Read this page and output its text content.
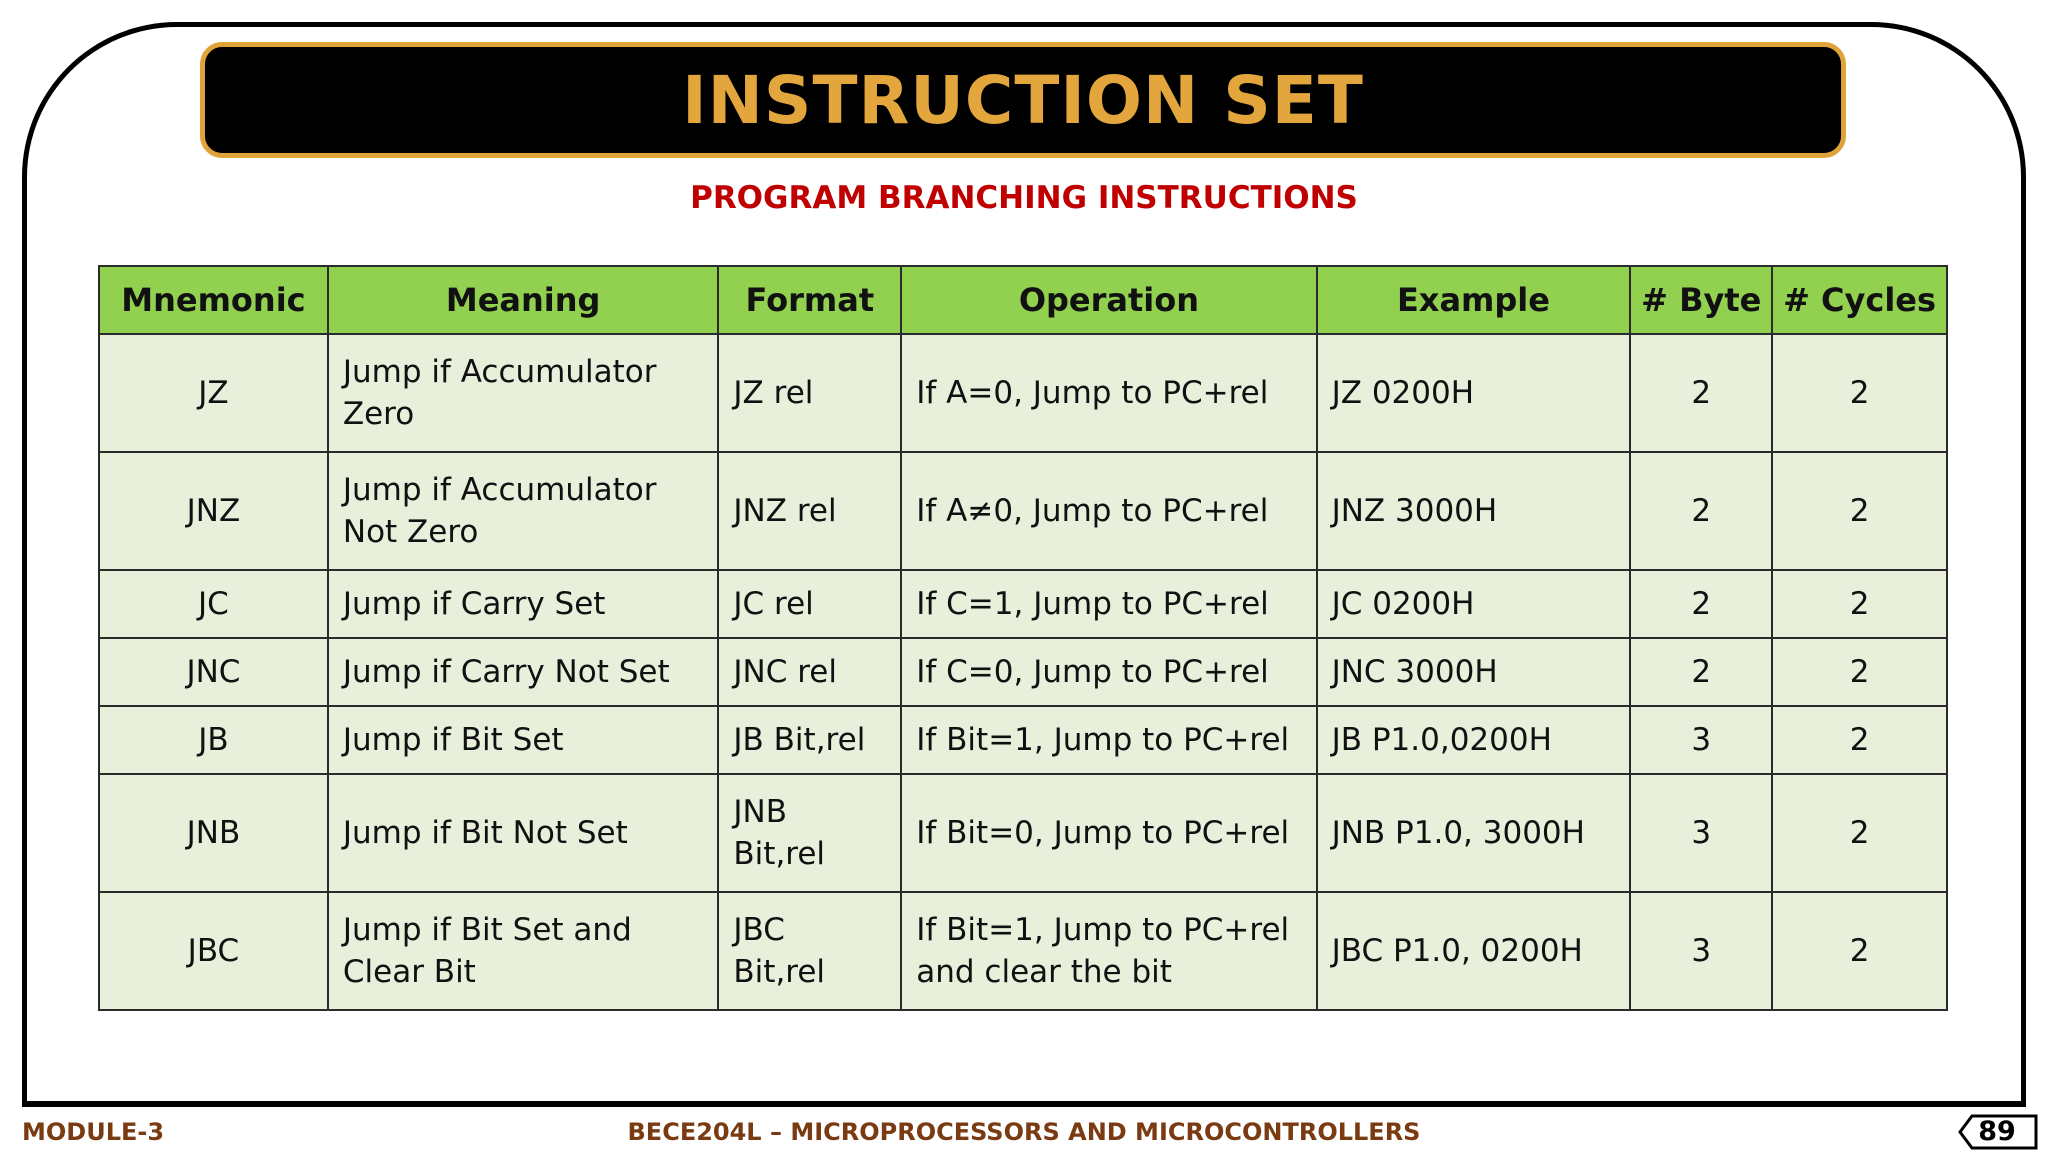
INSTRUCTION SET
PROGRAM BRANCHING INSTRUCTIONS
Mnemonic	Meaning	Format	Operation	Example	# Byte	# Cycles
JZ	Jump if Accumulator Zero	JZ rel	If A=0, Jump to PC+rel	JZ 0200H	2	2
JNZ	Jump if Accumulator Not Zero	JNZ rel	If A≠0, Jump to PC+rel	JNZ 3000H	2	2
JC	Jump if Carry Set	JC rel	If C=1, Jump to PC+rel	JC 0200H	2	2
JNC	Jump if Carry Not Set	JNC rel	If C=0, Jump to PC+rel	JNC 3000H	2	2
JB	Jump if Bit Set	JB Bit,rel	If Bit=1, Jump to PC+rel	JB P1.0,0200H	3	2
JNB	Jump if Bit Not Set	JNB Bit,rel	If Bit=0, Jump to PC+rel	JNB P1.0, 3000H	3	2
JBC	Jump if Bit Set and Clear Bit	JBC Bit,rel	If Bit=1, Jump to PC+rel and clear the bit	JBC P1.0, 0200H	3	2
MODULE-3	BECE204L – MICROPROCESSORS AND MICROCONTROLLERS	89
